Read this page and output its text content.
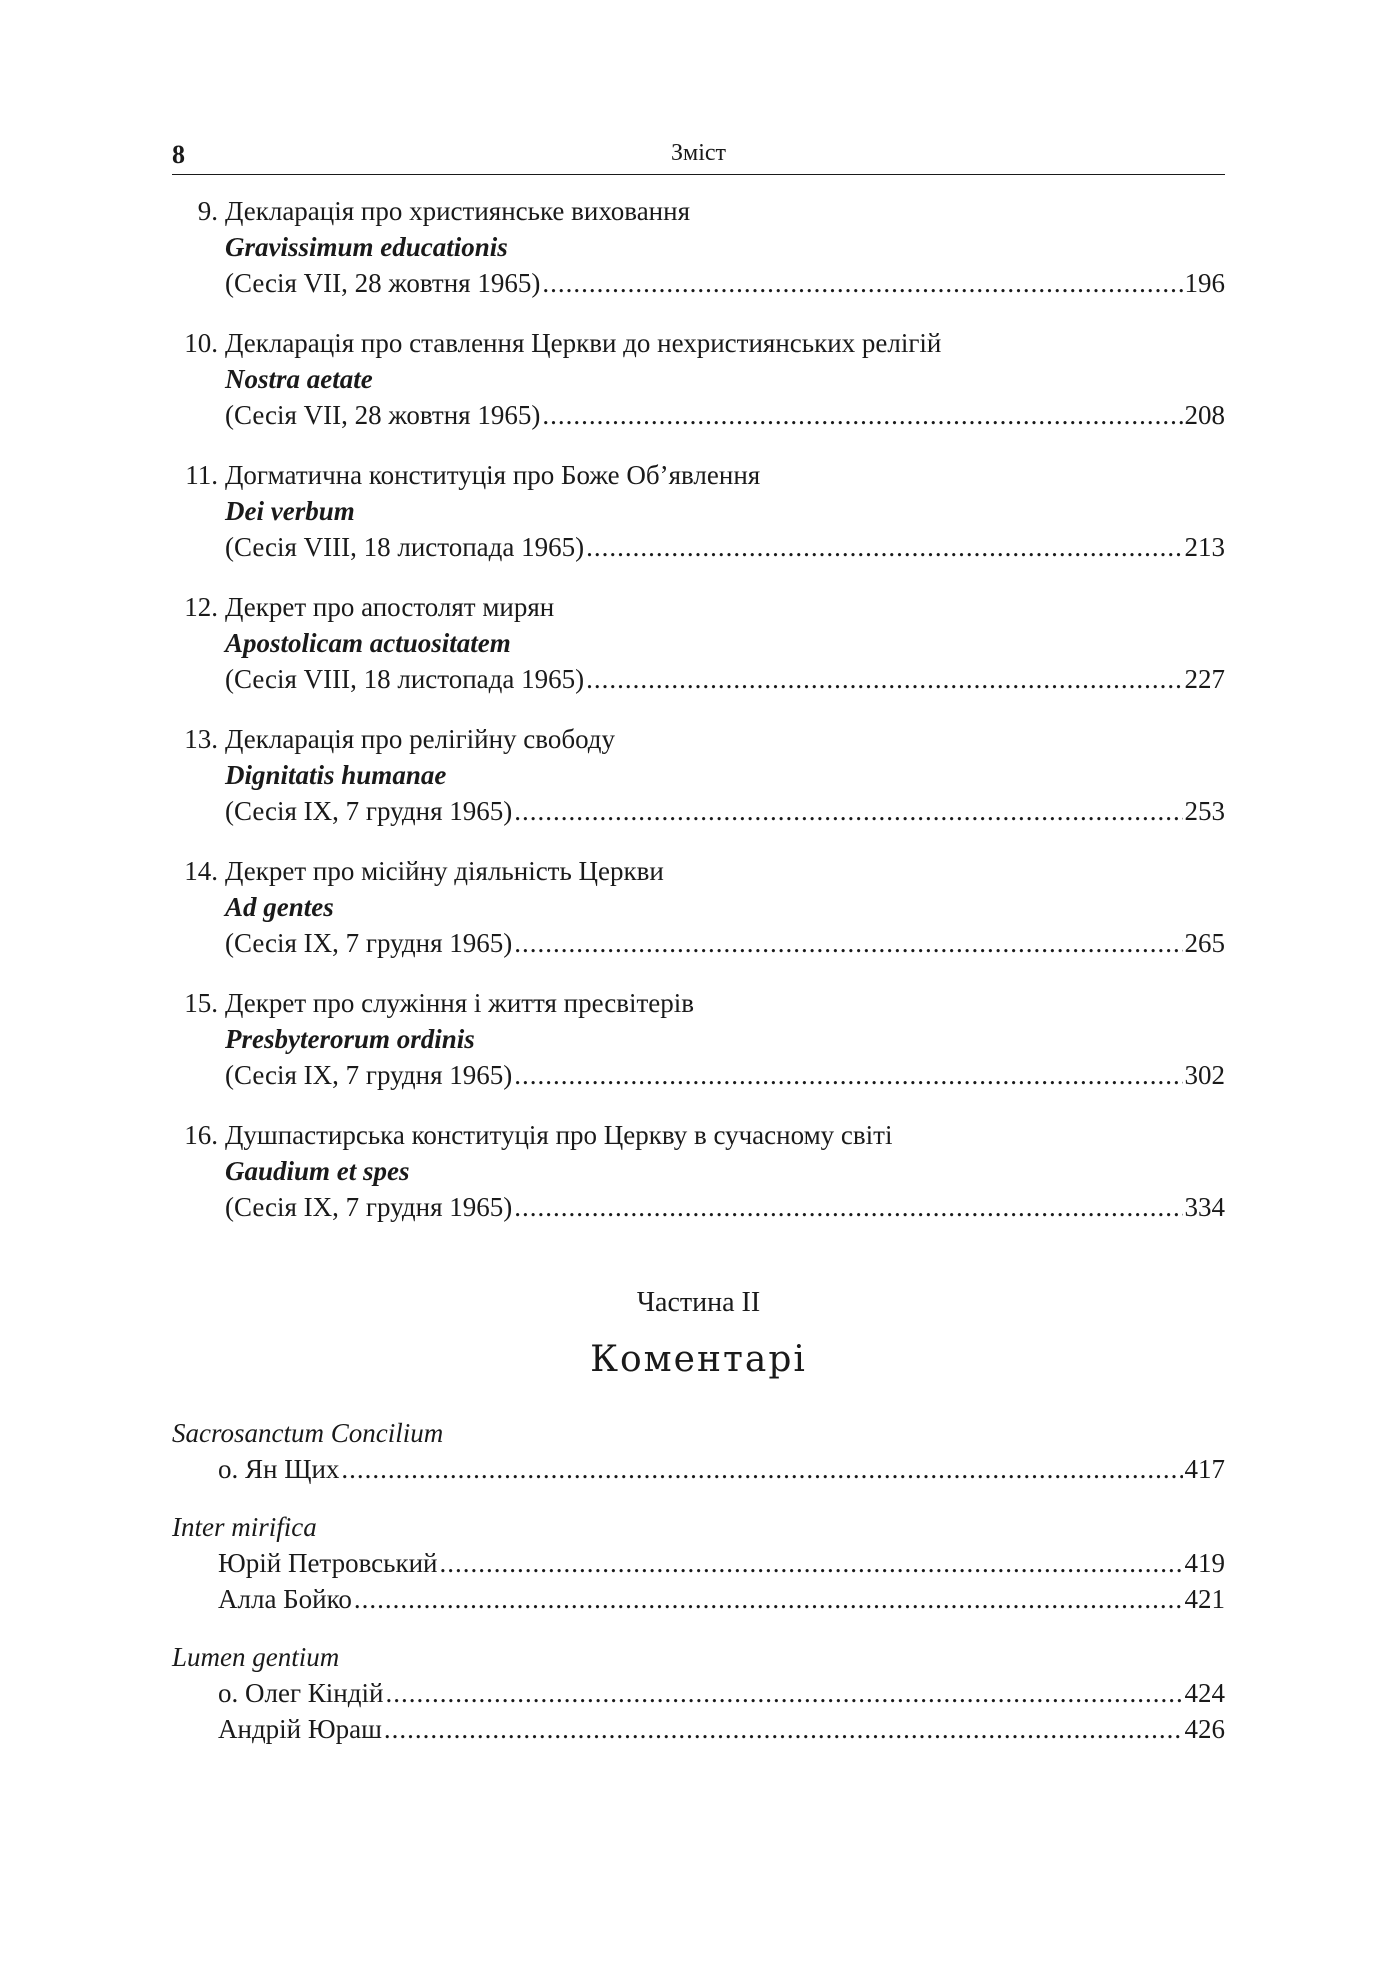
8	Зміст
9. Декларація про християнське виховання
Gravissimum educationis
(Сесія VII, 28 жовтня 1965) .....	196
10. Декларація про ставлення Церкви до нехристиянських релігій
Nostra aetate
(Сесія VII, 28 жовтня 1965) .....	208
11. Догматична конституція про Боже Об’явлення
Dei verbum
(Сесія VIII, 18 листопада 1965) .....	213
12. Декрет про апостолят мирян
Apostolicam actuositatem
(Сесія VIII, 18 листопада 1965) .....	227
13. Декларація про релігійну свободу
Dignitatis humanae
(Сесія IX, 7 грудня 1965) .....	253
14. Декрет про місійну діяльність Церкви
Ad gentes
(Сесія IX, 7 грудня 1965) .....	265
15. Декрет про служіння і життя пресвітерів
Presbyterorum ordinis
(Сесія IX, 7 грудня 1965) .....	302
16. Душпастирська конституція про Церкву в сучасному світі
Gaudium et spes
(Сесія IX, 7 грудня 1965) .....	334
Частина II
Коментарі
Sacrosanctum Concilium
о. Ян Щих .....	417
Inter mirifica
Юрій Петровський .....	419
Алла Бойко .....	421
Lumen gentium
о. Олег Кіндій .....	424
Андрій Юраш .....	426
